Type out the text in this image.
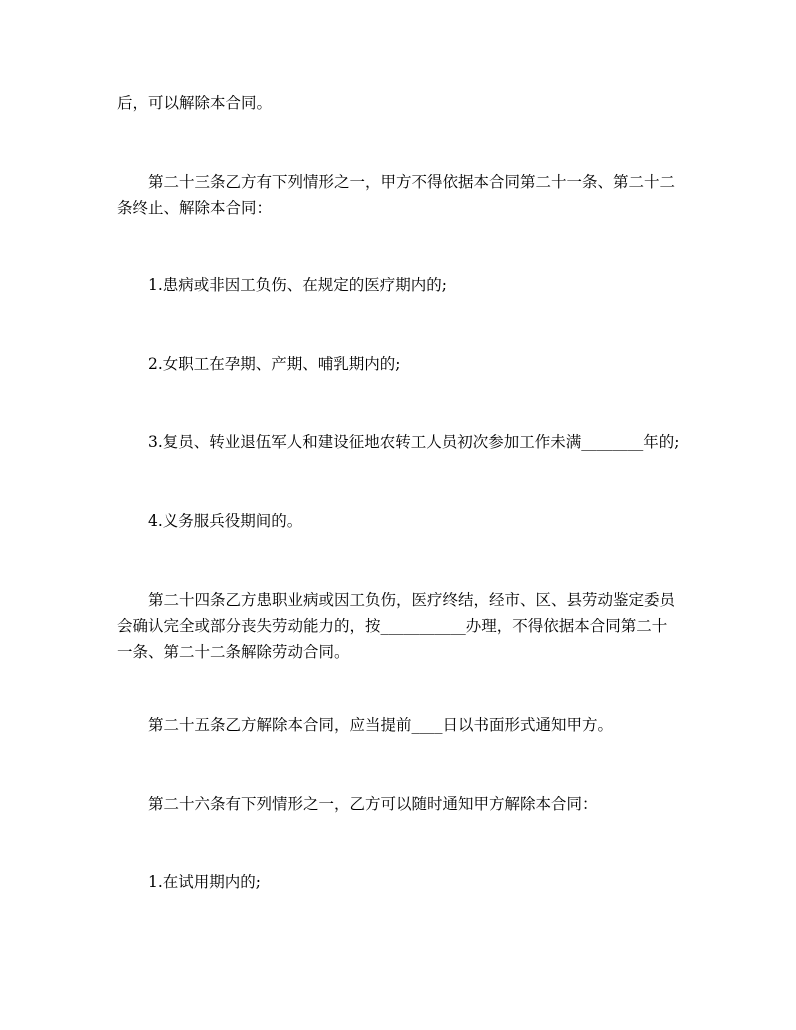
后，可以解除本合同。

第二十三条乙方有下列情形之一，甲方不得依据本合同第二十一条、第二十二
条终止、解除本合同：

1.患病或非因工负伤、在规定的医疗期内的;

2.女职工在孕期、产期、哺乳期内的;

3.复员、转业退伍军人和建设征地农转工人员初次参加工作未满________年的;

4.义务服兵役期间的。

第二十四条乙方患职业病或因工负伤，医疗终结，经市、区、县劳动鉴定委员
会确认完全或部分丧失劳动能力的，按___________办理，不得依据本合同第二十
一条、第二十二条解除劳动合同。

第二十五条乙方解除本合同，应当提前____日以书面形式通知甲方。

第二十六条有下列情形之一，乙方可以随时通知甲方解除本合同：

1.在试用期内的;
